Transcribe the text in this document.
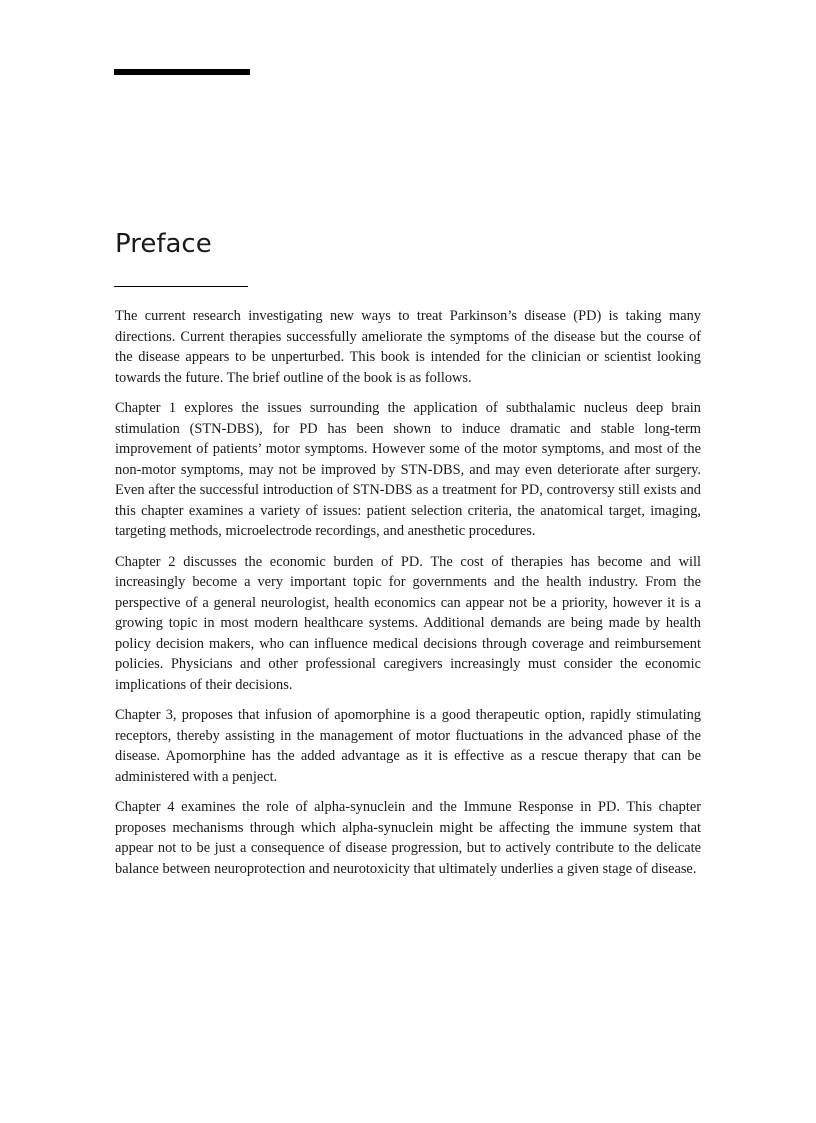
Preface

The current research investigating new ways to treat Parkinson’s disease (PD) is taking many directions. Current therapies successfully ameliorate the symptoms of the disease but the course of the disease appears to be unperturbed. This book is intended for the clinician or scientist looking towards the future. The brief outline of the book is as follows.

Chapter 1 explores the issues surrounding the application of subthalamic nucleus deep brain stimulation (STN-DBS), for PD has been shown to induce dramatic and stable long-term improvement of patients’ motor symptoms. However some of the motor symptoms, and most of the non-motor symptoms, may not be improved by STN-DBS, and may even deteriorate after surgery. Even after the successful introduction of STN-DBS as a treatment for PD, controversy still exists and this chapter examines a variety of issues: patient selection criteria, the anatomical target, imaging, targeting methods, microelectrode recordings, and anesthetic procedures.

Chapter 2 discusses the economic burden of PD. The cost of therapies has become and will increasingly become a very important topic for governments and the health industry. From the perspective of a general neurologist, health economics can appear not be a priority, however it is a growing topic in most modern healthcare systems. Additional demands are being made by health policy decision makers, who can influence medical decisions through coverage and reimbursement policies. Physicians and other professional caregivers increasingly must consider the economic implications of their decisions.

Chapter 3, proposes that infusion of apomorphine is a good therapeutic option, rapidly stimulating receptors, thereby assisting in the management of motor fluctuations in the advanced phase of the disease. Apomorphine has the added advantage as it is effective as a rescue therapy that can be administered with a penject.

Chapter 4 examines the role of alpha-synuclein and the Immune Response in PD. This chapter proposes mechanisms through which alpha-synuclein might be affecting the immune system that appear not to be just a consequence of disease progression, but to actively contribute to the delicate balance between neuroprotection and neurotoxicity that ultimately underlies a given stage of disease.
